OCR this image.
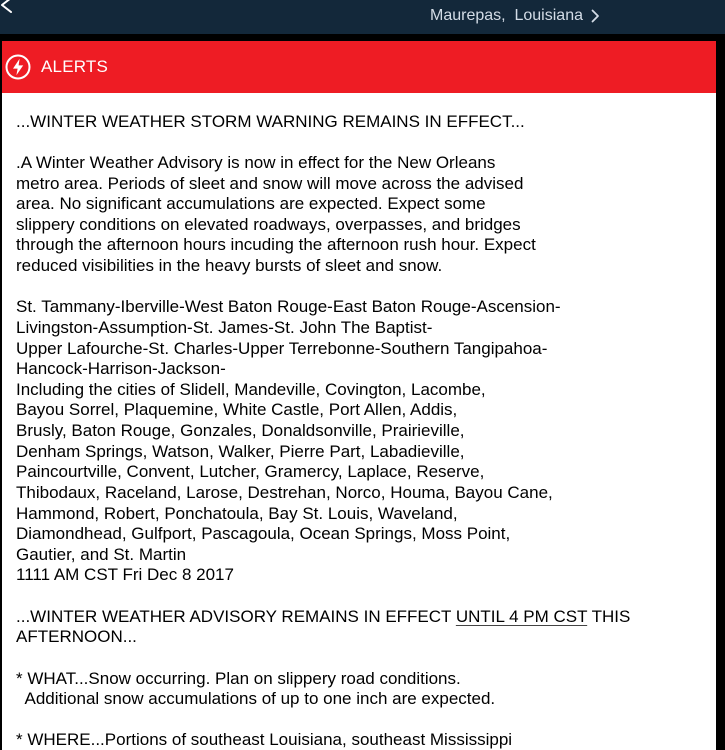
Maurepas,  Louisiana
ALERTS
...WINTER WEATHER STORM WARNING REMAINS IN EFFECT...
.A Winter Weather Advisory is now in effect for the New Orleans
metro area. Periods of sleet and snow will move across the advised
area. No significant accumulations are expected. Expect some
slippery conditions on elevated roadways, overpasses, and bridges
through the afternoon hours incuding the afternoon rush hour. Expect
reduced visibilities in the heavy bursts of sleet and snow.
St. Tammany-Iberville-West Baton Rouge-East Baton Rouge-Ascension-
Livingston-Assumption-St. James-St. John The Baptist-
Upper Lafourche-St. Charles-Upper Terrebonne-Southern Tangipahoa-
Hancock-Harrison-Jackson-
Including the cities of Slidell, Mandeville, Covington, Lacombe,
Bayou Sorrel, Plaquemine, White Castle, Port Allen, Addis,
Brusly, Baton Rouge, Gonzales, Donaldsonville, Prairieville,
Denham Springs, Watson, Walker, Pierre Part, Labadieville,
Paincourtville, Convent, Lutcher, Gramercy, Laplace, Reserve,
Thibodaux, Raceland, Larose, Destrehan, Norco, Houma, Bayou Cane,
Hammond, Robert, Ponchatoula, Bay St. Louis, Waveland,
Diamondhead, Gulfport, Pascagoula, Ocean Springs, Moss Point,
Gautier, and St. Martin
1111 AM CST Fri Dec 8 2017
...WINTER WEATHER ADVISORY REMAINS IN EFFECT UNTIL 4 PM CST THIS
AFTERNOON...
* WHAT...Snow occurring. Plan on slippery road conditions.
Additional snow accumulations of up to one inch are expected.
* WHERE...Portions of southeast Louisiana, southeast Mississippi
